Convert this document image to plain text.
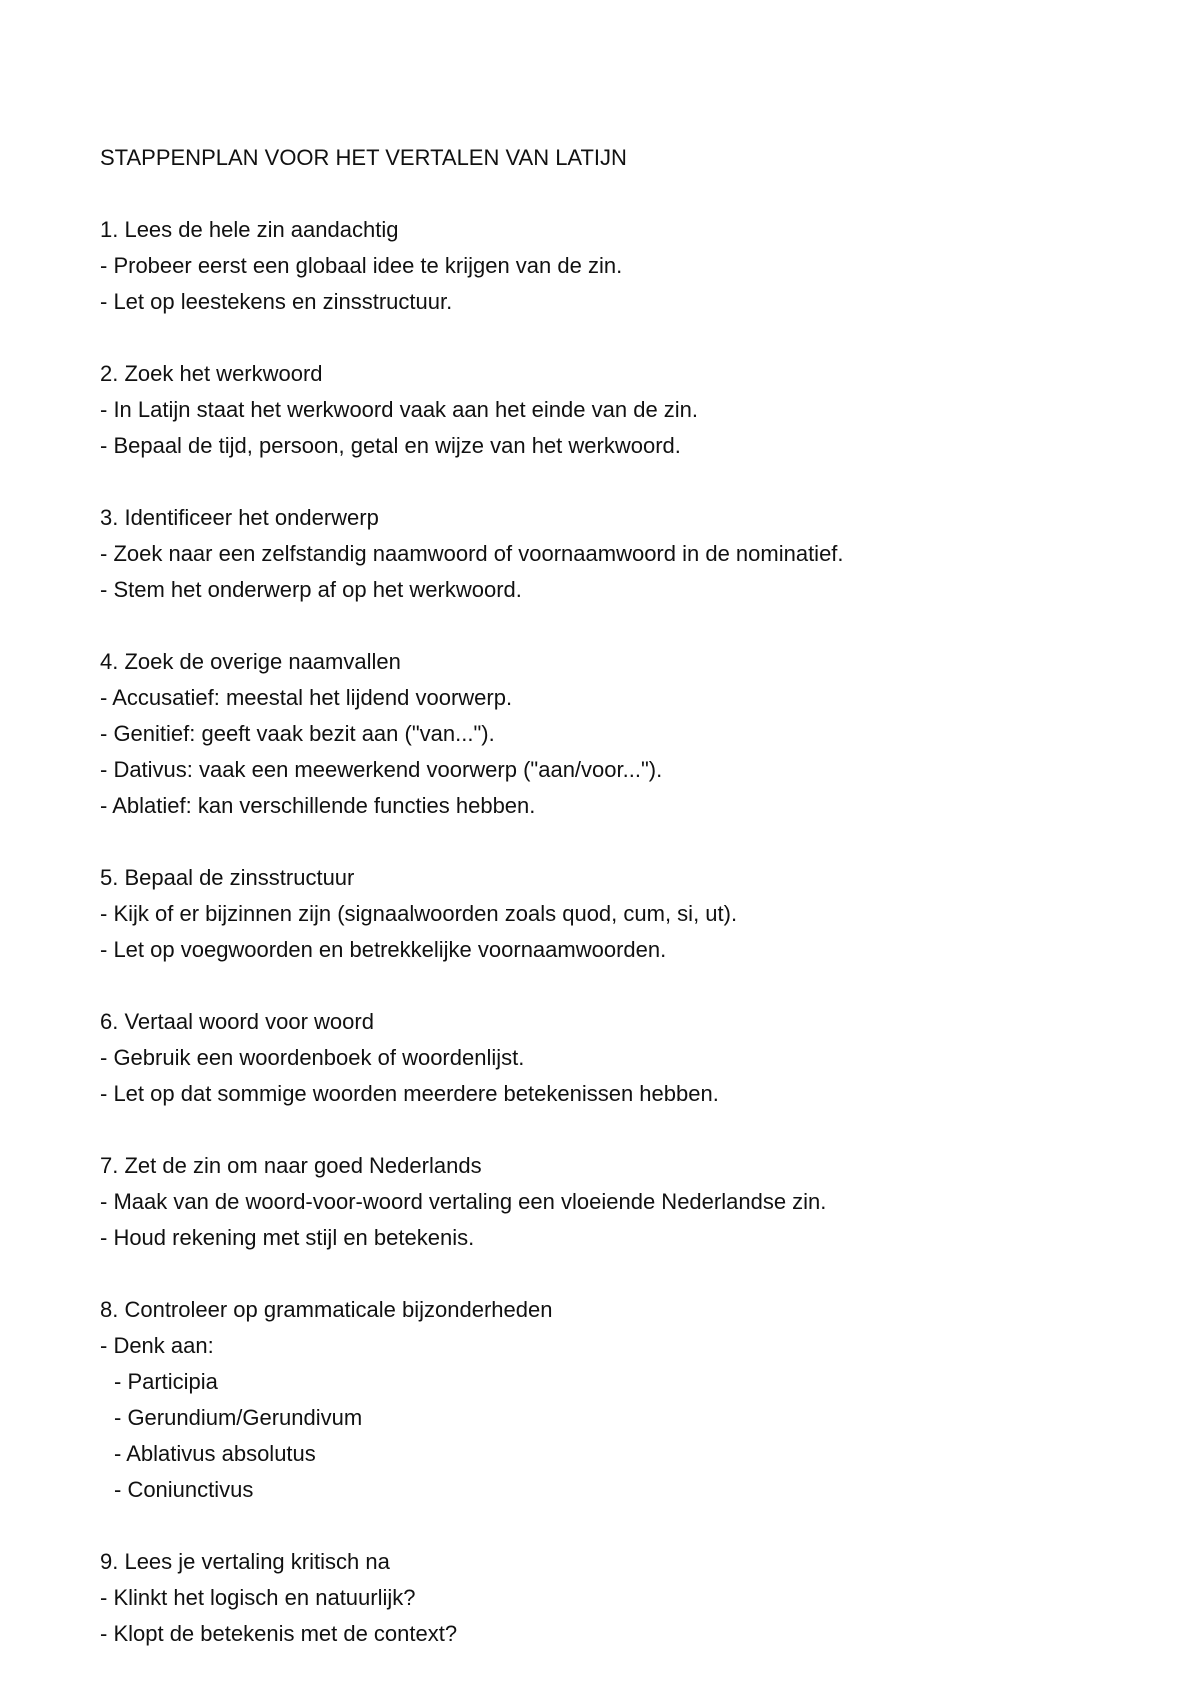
STAPPENPLAN VOOR HET VERTALEN VAN LATIJN

1. Lees de hele zin aandachtig

- Probeer eerst een globaal idee te krijgen van de zin.

- Let op leestekens en zinsstructuur.

2. Zoek het werkwoord

- In Latijn staat het werkwoord vaak aan het einde van de zin.

- Bepaal de tijd, persoon, getal en wijze van het werkwoord.

3. Identificeer het onderwerp

- Zoek naar een zelfstandig naamwoord of voornaamwoord in de nominatief.

- Stem het onderwerp af op het werkwoord.

4. Zoek de overige naamvallen

- Accusatief: meestal het lijdend voorwerp.

- Genitief: geeft vaak bezit aan ("van...").

- Dativus: vaak een meewerkend voorwerp ("aan/voor...").

- Ablatief: kan verschillende functies hebben.

5. Bepaal de zinsstructuur

- Kijk of er bijzinnen zijn (signaalwoorden zoals quod, cum, si, ut).

- Let op voegwoorden en betrekkelijke voornaamwoorden.

6. Vertaal woord voor woord

- Gebruik een woordenboek of woordenlijst.

- Let op dat sommige woorden meerdere betekenissen hebben.

7. Zet de zin om naar goed Nederlands

- Maak van de woord-voor-woord vertaling een vloeiende Nederlandse zin.

- Houd rekening met stijl en betekenis.

8. Controleer op grammaticale bijzonderheden

- Denk aan:

- Participia

- Gerundium/Gerundivum

- Ablativus absolutus

- Coniunctivus

9. Lees je vertaling kritisch na

- Klinkt het logisch en natuurlijk?

- Klopt de betekenis met de context?
